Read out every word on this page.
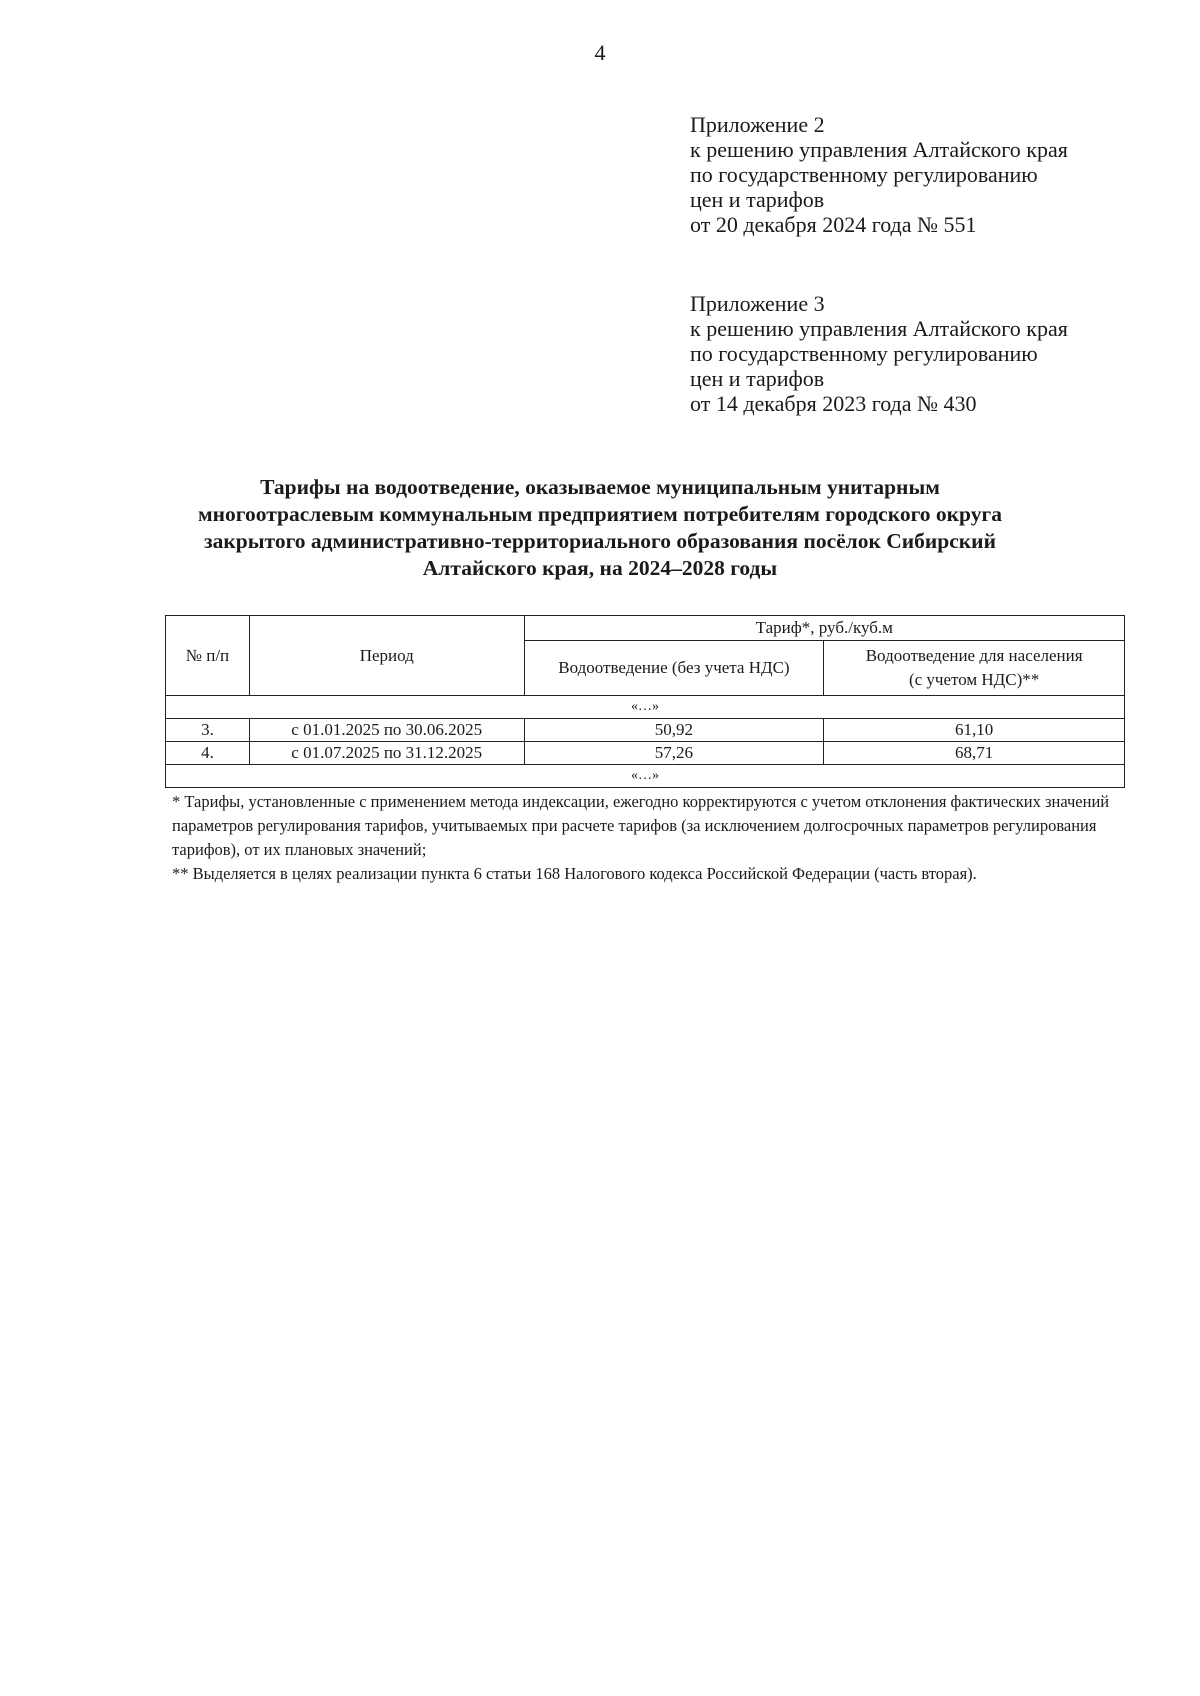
4
Приложение 2
к решению управления Алтайского края
по государственному регулированию
цен и тарифов
от 20 декабря 2024 года № 551
Приложение 3
к решению управления Алтайского края
по государственному регулированию
цен и тарифов
от 14 декабря 2023 года № 430
Тарифы на водоотведение, оказываемое муниципальным унитарным
многоотраслевым коммунальным предприятием потребителям городского округа
закрытого административно-территориального образования посёлок Сибирский
Алтайского края, на 2024–2028 годы
№ п/п	Период	Тариф*, руб./куб.м	
		Водоотведение (без учета НДС)	Водоотведение для населения
(с учетом НДС)**

«…»			
3.	с 01.01.2025 по 30.06.2025	50,92	61,10
4.	с 01.07.2025 по 31.12.2025	57,26	68,71
«…»			

* Тарифы, установленные с применением метода индексации, ежегодно корректируются с учетом отклонения фактических значений параметров регулирования тарифов, учитываемых при расчете тарифов (за исключением долгосрочных параметров регулирования тарифов), от их плановых значений;

** Выделяется в целях реализации пункта 6 статьи 168 Налогового кодекса Российской Федерации (часть вторая).
